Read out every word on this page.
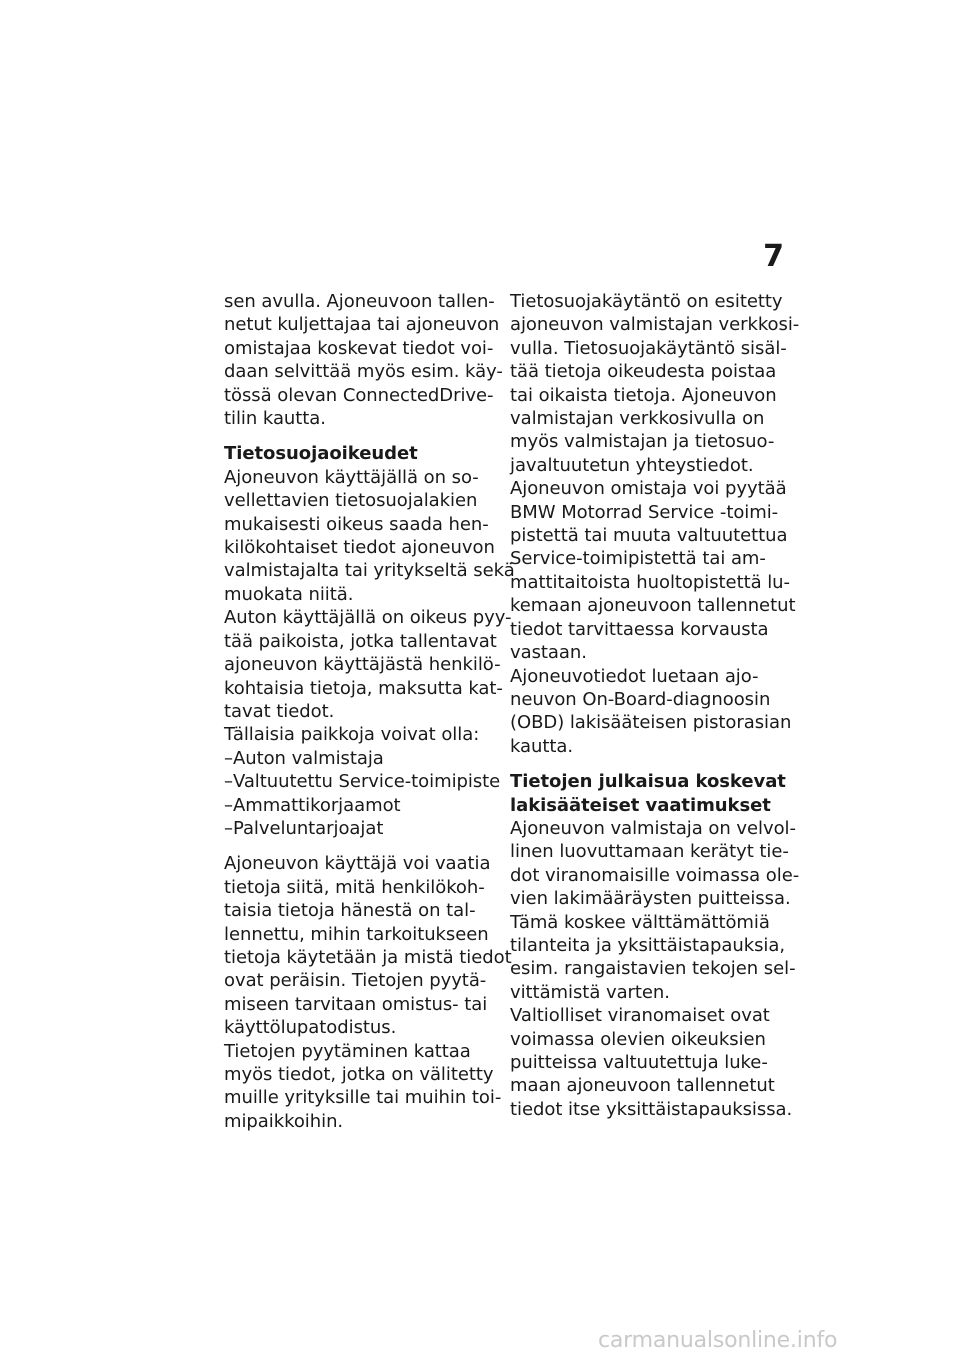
7
sen avulla. Ajoneuvoon tallen-
netut kuljettajaa tai ajoneuvon
omistajaa koskevat tiedot voi-
daan selvittää myös esim. käy-
tössä olevan ConnectedDrive-
tilin kautta.
Tietosuojaoikeudet
Ajoneuvon käyttäjällä on so-
vellettavien tietosuojalakien
mukaisesti oikeus saada hen-
kilökohtaiset tiedot ajoneuvon
valmistajalta tai yritykseltä sekä
muokata niitä.
Auton käyttäjällä on oikeus pyy-
tää paikoista, jotka tallentavat
ajoneuvon käyttäjästä henkilö-
kohtaisia tietoja, maksutta kat-
tavat tiedot.
Tällaisia paikkoja voivat olla:
–Auton valmistaja
–Valtuutettu Service-toimipiste
–Ammattikorjaamot
–Palveluntarjoajat
Ajoneuvon käyttäjä voi vaatia
tietoja siitä, mitä henkilökoh-
taisia tietoja hänestä on tal-
lennettu, mihin tarkoitukseen
tietoja käytetään ja mistä tiedot
ovat peräisin. Tietojen pyytä-
miseen tarvitaan omistus- tai
käyttölupatodistus.
Tietojen pyytäminen kattaa
myös tiedot, jotka on välitetty
muille yrityksille tai muihin toi-
mipaikkoihin.
Tietosuojakäytäntö on esitetty
ajoneuvon valmistajan verkkosi-
vulla. Tietosuojakäytäntö sisäl-
tää tietoja oikeudesta poistaa
tai oikaista tietoja. Ajoneuvon
valmistajan verkkosivulla on
myös valmistajan ja tietosuo-
javaltuutetun yhteystiedot.
Ajoneuvon omistaja voi pyytää
BMW Motorrad Service -toimi-
pistettä tai muuta valtuutettua
Service-toimipistettä tai am-
mattitaitoista huoltopistettä lu-
kemaan ajoneuvoon tallennetut
tiedot tarvittaessa korvausta
vastaan.
Ajoneuvotiedot luetaan ajo-
neuvon On-Board-diagnoosin
(OBD) lakisääteisen pistorasian
kautta.
Tietojen julkaisua koskevat
lakisääteiset vaatimukset
Ajoneuvon valmistaja on velvol-
linen luovuttamaan kerätyt tie-
dot viranomaisille voimassa ole-
vien lakimääräysten puitteissa.
Tämä koskee välttämättömiä
tilanteita ja yksittäistapauksia,
esim. rangaistavien tekojen sel-
vittämistä varten.
Valtiolliset viranomaiset ovat
voimassa olevien oikeuksien
puitteissa valtuutettuja luke-
maan ajoneuvoon tallennetut
tiedot itse yksittäistapauksissa.
carmanualsonline.info
